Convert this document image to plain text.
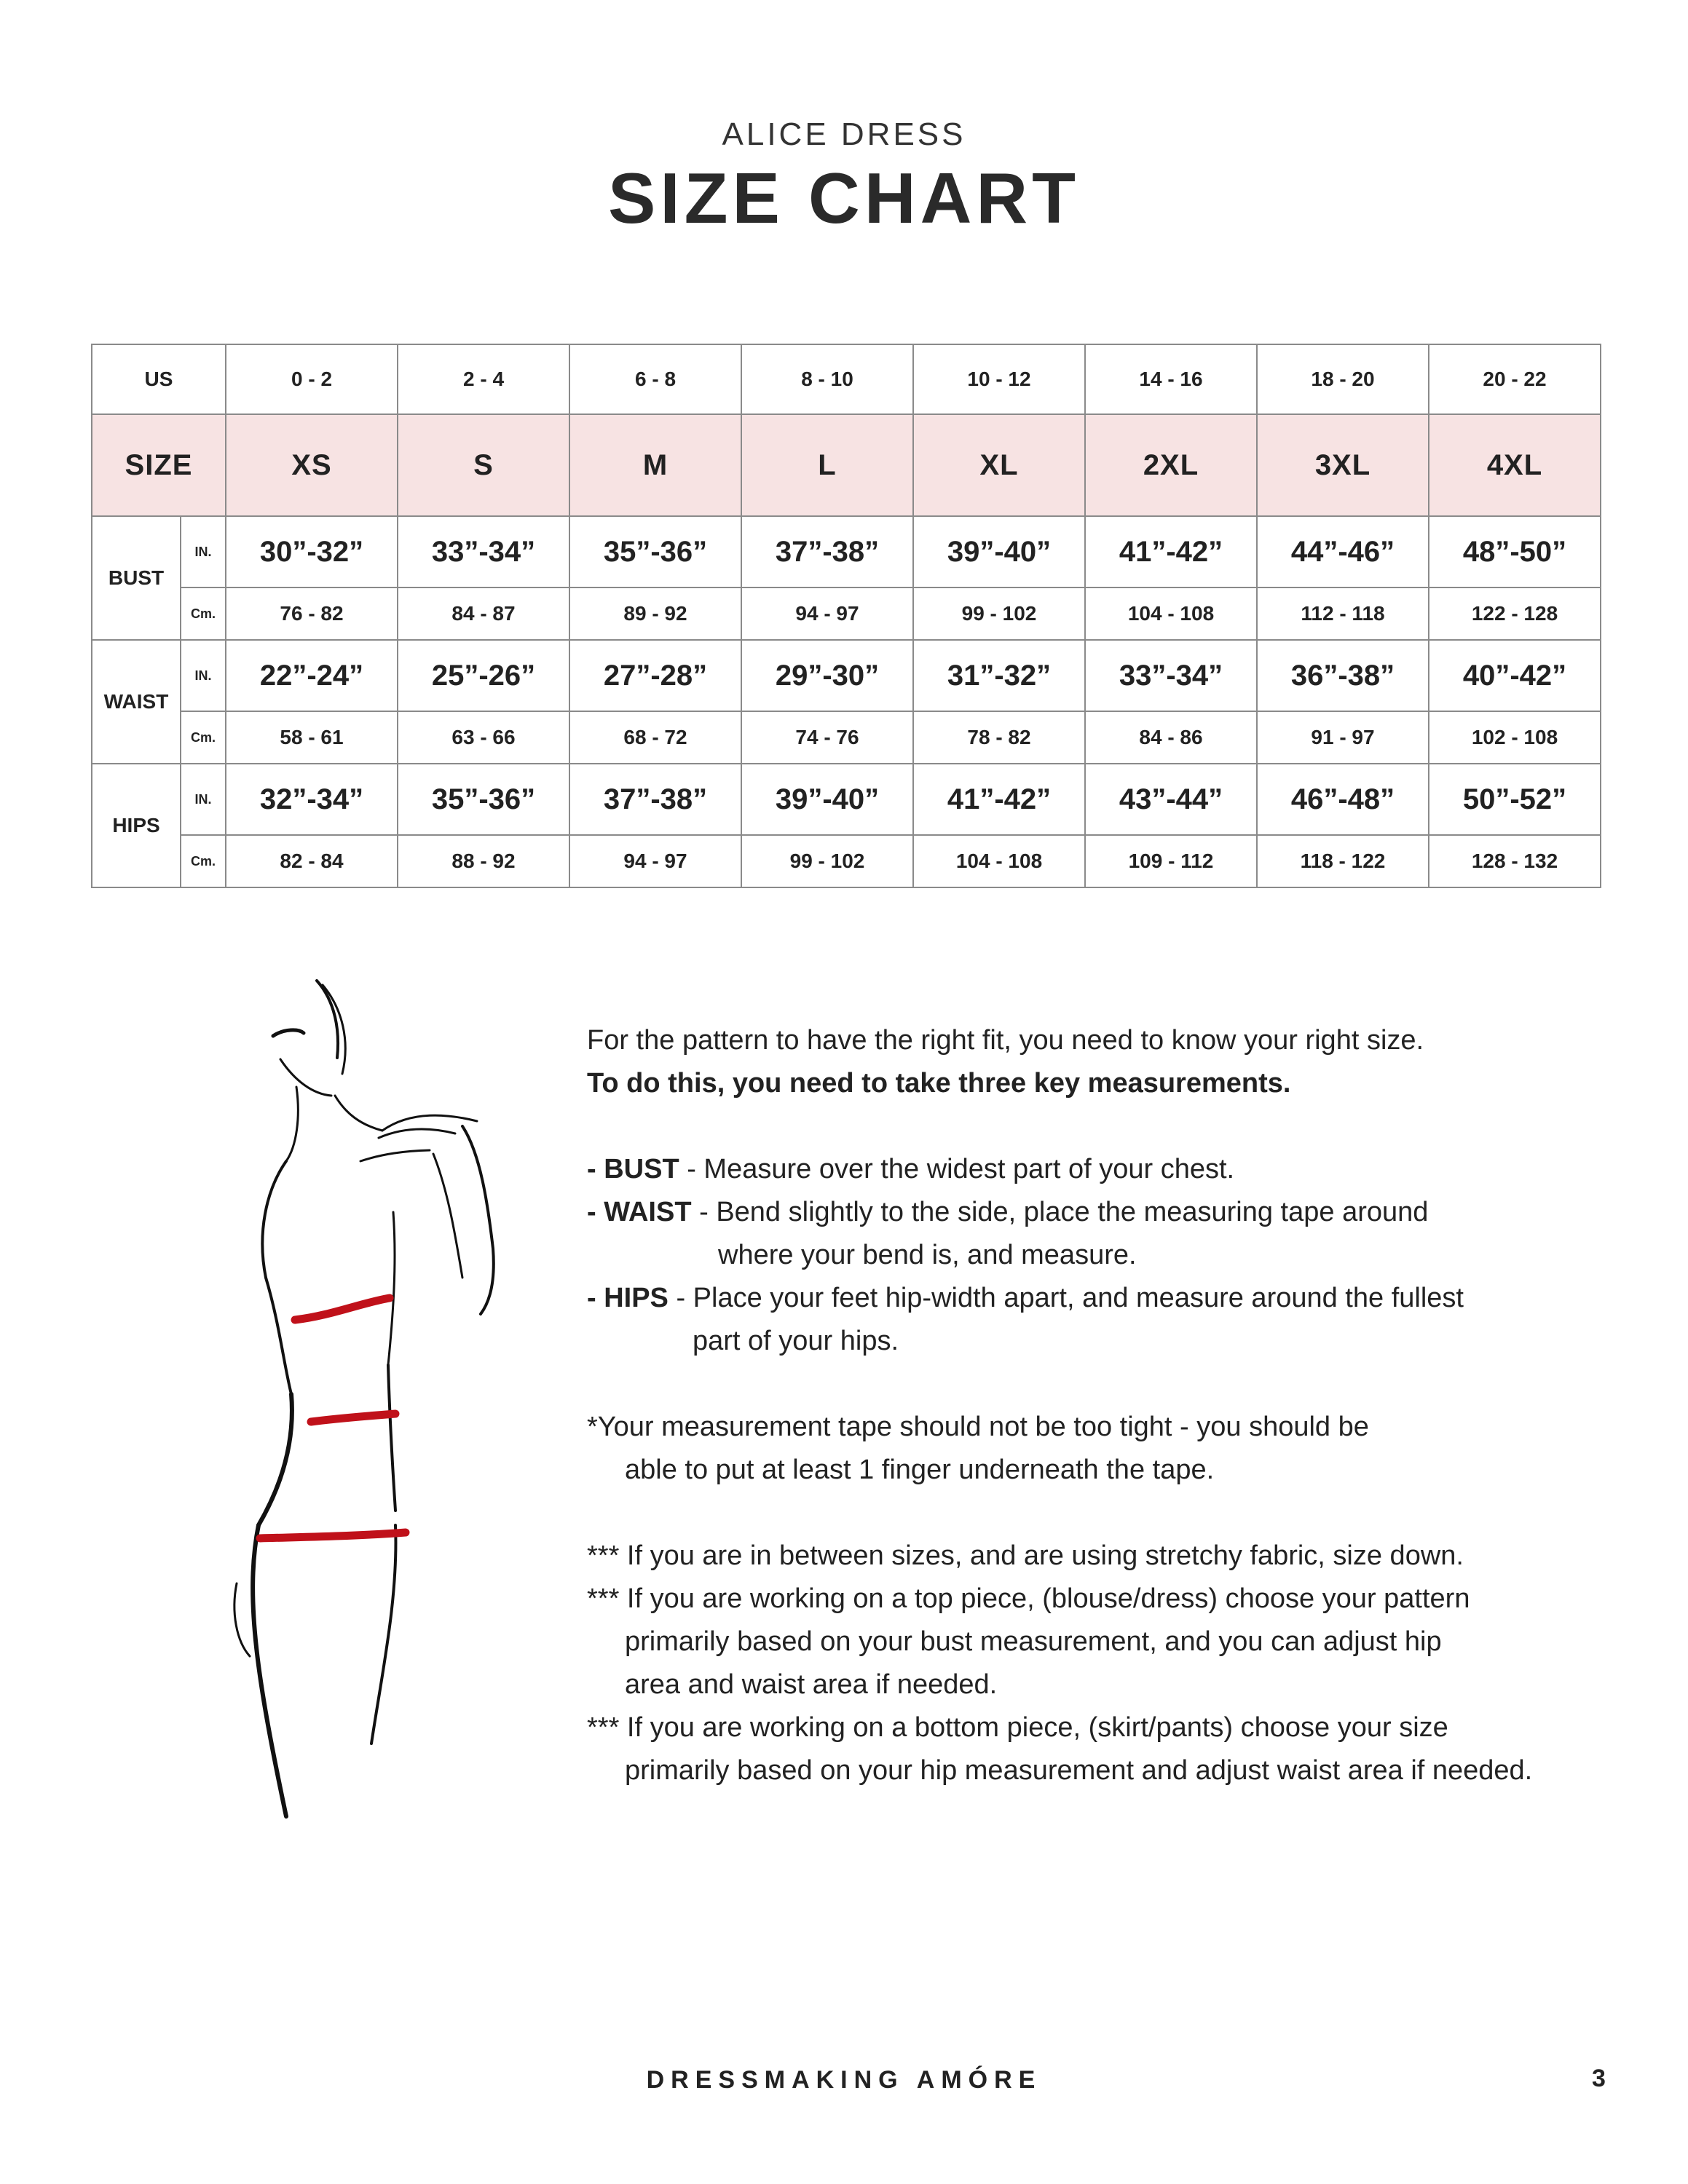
ALICE DRESS
SIZE CHART
US		0 - 2	2 - 4	6 - 8	8 - 10	10 - 12	14 - 16	18 - 20	20 - 22
SIZE		XS	S	M	L	XL	2XL	3XL	4XL
BUST	IN.	30”-32”	33”-34”	35”-36”	37”-38”	39”-40”	41”-42”	44”-46”	48”-50”
	Cm.	76 - 82	84 - 87	89 - 92	94 - 97	99 - 102	104 - 108	112 - 118	122 - 128
WAIST	IN.	22”-24”	25”-26”	27”-28”	29”-30”	31”-32”	33”-34”	36”-38”	40”-42”
	Cm.	58 - 61	63 - 66	68 - 72	74 - 76	78 - 82	84 - 86	91 - 97	102 - 108
HIPS	IN.	32”-34”	35”-36”	37”-38”	39”-40”	41”-42”	43”-44”	46”-48”	50”-52”
	Cm.	82 - 84	88 - 92	94 - 97	99 - 102	104 - 108	109 - 112	118 - 122	128 - 132

For the pattern to have the right fit, you need to know your right size.

To do this, you need to take three key measurements.

- BUST - Measure over the widest part of your chest.

- WAIST - Bend slightly to the side, place the measuring tape around

where your bend is, and measure.

- HIPS - Place your feet hip-width apart, and measure around the fullest

part of your hips.

*Your measurement tape should not be too tight - you should be

able to put at least 1 finger underneath the tape.

*** If you are in between sizes, and are using stretchy fabric, size down.

*** If you are working on a top piece, (blouse/dress) choose your pattern

primarily based on your bust measurement, and you can adjust hip

area and waist area if needed.

*** If you are working on a bottom piece, (skirt/pants) choose your size

primarily based on your hip measurement and adjust waist area if needed.

DRESSMAKING AMÓRE	3
